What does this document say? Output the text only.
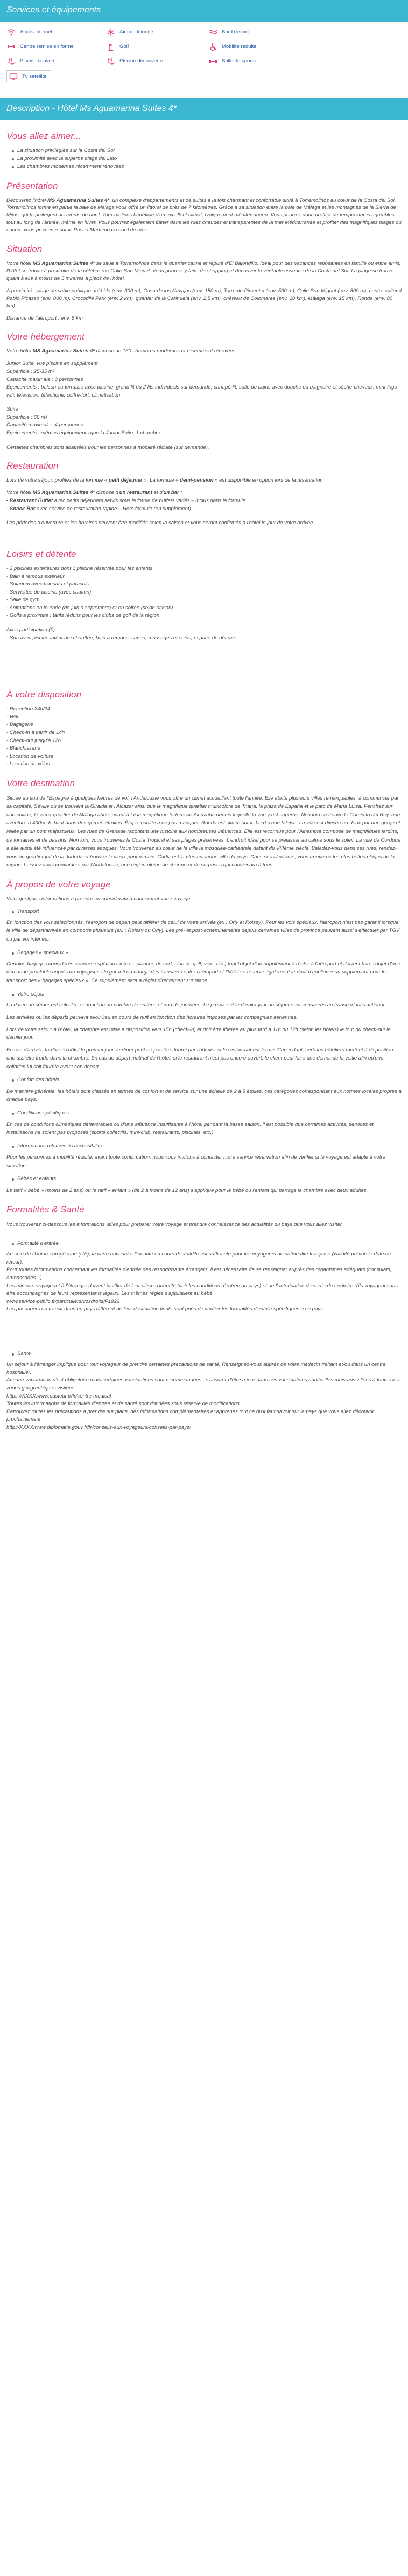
Services et équipements
Accès internet	Air conditionné	Bord de mer
Centre remise en forme	Golf	Mobilité réduite
Piscine couverte	Piscine découverte	Salle de sports
Tv satellite
Description - Hôtel Ms Aguamarina Suites 4*
Vous allez aimer...
La situation privilégiée sur la Costa del Sol
La proximité avec la superbe plage del Lido
Les chambres modernes récemment rénovées
Présentation

Découvrez l'hôtel MS Aguamarina Suites 4*, un complexe d'appartements et de suites à la fois charmant et confortable situé à Torremolinos au cœur de la Costa del Sol. Torremolinos forme en partie la baie de Málaga vous offre un littoral de près de 7 kilomètres. Grâce à sa situation entre la baie de Málaga et les montagnes de la Sierra de Mijas, qui la protègent des vents du nord, Torremolinos bénéficie d'un excellent climat, typiquement méditerranéen. Vous pourrez donc profiter de températures agréables tout au long de l'année, même en hiver. Vous pourrez également flâner dans les rues chaudes et transparentes de la mer Méditerranée et profiter des magnifiques plages ou encore vous promener sur le Paseo Marítimo en bord de mer.

Situation

Votre hôtel MS Aguamarina Suites 4* se situe à Torremolinos dans le quartier calme et réputé d'El Bajondillo. Idéal pour des vacances reposantes en famille ou entre amis, l'hôtel se trouve à proximité de la célèbre rue Calle San Miguel. Vous pourrez y faire du shopping et découvrir la véritable essence de la Costa del Sol. La plage se trouve quant à elle à moins de 5 minutes à pieds de l'hôtel.

A proximité : plage de sable publique del Lido (env. 300 m), Casa de los Navajas (env. 150 m), Torre de Pimentel (env. 500 m), Calle San Miguel (env. 800 m), centre culturel Pablo Picasso (env. 800 m), Crocodile Park (env. 2 km), quartier de la Carihuela (env. 2,5 km), château de Colomares (env. 10 km), Málaga (env. 15 km), Ronda (env. 80 km)

Distance de l'aéroport : env. 8 km

Votre hébergement

Votre hôtel MS Aguamarina Suites 4* dispose de 130 chambres modernes et récemment rénovées.

Junior Suite, vue piscine en supplément
Superficie : 25-35 m²
Capacité maximale : 3 personnes
Équipements : balcon ou terrasse avec piscine, grand lit ou 2 lits individuels sur demande, canapé-lit, salle de bains avec douche ou baignoire et sèche-cheveux, mini-frigo wifi, télévision, téléphone, coffre-fort, climatisation
Suite
Superficie : 65 m²
Capacité maximale : 4 personnes
Équipements : mêmes équipements que la Junior Suite, 1 chambre

Certaines chambres sont adaptées pour les personnes à mobilité réduite (sur demande).

Restauration

Lors de votre séjour, profitez de la formule « petit déjeuner ». La formule « demi-pension » est disponible en option lors de la réservation.

Votre hôtel MS Aguamarina Suites 4* dispose d'un restaurant et d'un bar :
- Restaurant Buffet avec petits déjeuners servis sous la forme de buffets variés – inclus dans la formule
- Snack-Bar avec service de restauration rapide – Hors formule (en supplément)

Les périodes d'ouverture et les horaires peuvent être modifiés selon la saison et vous seront confirmés à l'hôtel le jour de votre arrivée.

Loisirs et détente
- 2 piscines extérieures dont 1 piscine réservée pour les enfants
- Bain à remous extérieur
- Solarium avec transats et parasols
- Serviettes de piscine (avec caution)
- Salle de gym
- Animations en journée (de juin à septembre) et en soirée (selon saison)
- Golfs à proximité : tarifs réduits pour les clubs de golf de la région
Avec participation (€) :
- Spa avec piscine intérieure chauffée, bain à remous, sauna, massages et soins, espace de détente
À votre disposition
- Réception 24h/24
- Wifi
- Bagagerie
- Check-in à partir de 14h
- Check-out jusqu'à 12h
- Blanchisserie
- Location de voiture
- Location de vélos
Votre destination

Située au sud de l'Espagne à quelques heures de vol, l'Andalousie vous offre un climat accueillant toute l'année. Elle abrite plusieurs villes remarquables, à commencer par sa capitale, Séville où se trouvent la Giralda et l'Alcazar ainsi que le magnifique quartier multicolore de Triana, la plaza de España et le parc de María Luisa. Penchez sur une colline, le vieux quartier de Málaga abrite quant à lui la magnifique forteresse Alcazaba depuis laquelle la vue y est superbe. Non loin se trouve le Caminito del Rey, une aventure à 400m de haut dans des gorges étroites. Étape insolite à ne pas manquer, Ronda est située sur le bord d'une falaise. La ville est divisée en deux par une gorge et reliée par un pont majestueux. Les rues de Grenade racontent une histoire aux nombreuses influences. Elle est reconnue pour l'Alhambra composé de magnifiques jardins, de fontaines et de bassins. Non loin, vous trouverez la Costa Tropical et ses plages préservées. L'endroit idéal pour se prélasser au calme sous le soleil. La ville de Cordoue a elle aussi été influencée par diverses époques. Vous trouverez au cœur de la ville la mosquée-cathédrale datant du VIIIème siècle. Baladez-vous dans ses rues, rendez-vous au quartier juif de la Judería et trouvez le vieux pont romain. Cadiz est la plus ancienne ville du pays. Dans ses alentours, vous trouverez les plus belles plages de la région. Laissez-vous convaincre par l'Andalousie, une région pleine de charme et de surprises qui conviendra à tous.

À propos de votre voyage

Voici quelques informations à prendre en considération concernant votre voyage.

Transport

En fonction des vols sélectionnés, l'aéroport de départ peut différer de celui de votre arrivée (ex : Orly et Roissy). Pour les vols spéciaux, l'aéroport n'est pas garanti lorsque la ville de départ/arrivée en comporte plusieurs (ex. : Roissy ou Orly). Les pré- et post-acheminements depuis certaines villes de province peuvent aussi s'effectuer par TGV ou par vol intérieur.

Bagages « spéciaux »

Certains bagages considérés comme « spéciaux » (ex. : planche de surf, club de golf, vélo, etc.) font l'objet d'un supplément à régler à l'aéroport et doivent faire l'objet d'une demande préalable auprès du voyagiste. Un garanti en charge des transferts entre l'aéroport et l'hôtel se réserve également le droit d'appliquer un supplément pour le transport des « bagages spéciaux ». Ce supplément sera à régler directement sur place.

Votre séjour

La durée du séjour est calculée en fonction du nombre de nuitées et non de journées. Le premier et le dernier jour du séjour sont consacrés au transport international.

Les arrivées ou les départs peuvent avoir lieu en cours de nuit en fonction des horaires imposés par les compagnies aériennes.

Lors de votre séjour à l'hôtel, la chambre est mise à disposition vers 15h (check-in) et doit être libérée au plus tard à 11h ou 12h (selon les hôtels) le jour du check-out le dernier jour.

En cas d'arrivée tardive à l'hôtel le premier jour, le dîner peut ne pas être fourni par l'hôtelier si le restaurant est fermé. Cependant, certains hôteliers mettent à disposition une assiette froide dans la chambre. En cas de départ matinal de l'hôtel, si le restaurant n'est pas encore ouvert, le client peut faire une demande la veille afin qu'une collation lui soit fournie avant son départ.

Confort des hôtels

De manière générale, les hôtels sont classés en termes de confort et de service sur une échelle de 2 à 5 étoiles, ces catégories correspondant aux normes locales propres à chaque pays.

Conditions spécifiques

En cas de conditions climatiques défavorables ou d'une affluence insuffisante à l'hôtel pendant la basse saison, il est possible que certaines activités, services et installations ne soient pas proposés (sports collectifs, mini-club, restaurants, piscines, etc.).

Informations relatives à l'accessibilité

Pour les personnes à mobilité réduite, avant toute confirmation, nous vous invitons à contacter notre service réservation afin de vérifier si le voyage est adapté à votre situation.

Bébés et enfants

Le tarif « bébé » (moins de 2 ans) ou le tarif « enfant » (de 2 à moins de 12 ans) s'applique pour le bébé ou l'enfant qui partage la chambre avec deux adultes.

Formalités & Santé

Vous trouverez ci-dessous les informations utiles pour préparer votre voyage et prendre connaissance des actualités du pays que vous allez visiter.

Formalité d'entrée
Au sein de l'Union européenne (UE), la carte nationale d'identité en cours de validité est suffisante pour les voyageurs de nationalité française (validité prévue le date de retour).
Pour toutes informations concernant les formalités d'entrée des ressortissants étrangers, il est nécessaire de se renseigner auprès des organismes adéquats (consulats, ambassades...).
Les mineurs voyageant à l'étranger doivent justifier de leur pièce d'identité (voir les conditions d'entrée du pays) et de l'autorisation de sortie du territoire s'ils voyagent sans être accompagnés de leurs représentants légaux. Les mêmes règles s'appliquent au bébé.
www.service-public.fr/particuliers/vosdroits/F1922
Les passagers en transit dans un pays différent de leur destination finale sont priés de vérifier les formalités d'entrée spécifiques à ce pays.
Santé
Un séjour à l'étranger implique pour tout voyageur de prendre certaines précautions de santé. Renseignez-vous auprès de votre médecin traitant et/ou dans un centre hospitalier.
Aucune vaccination n'est obligatoire mais certaines vaccinations sont recommandées ; s'assurer d'être à jour dans ses vaccinations habituelles mais aussi liées à toutes les zones géographiques visitées.
https://XXXX.www.pasteur.fr/fr/centre-medical
Toutes les informations de formalités d'entrée et de santé sont données sous réserve de modifications.
Retrouvez toutes les précautions à prendre sur place, des informations complémentaires et apprenez tout ce qu'il faut savoir sur le pays que vous allez découvrir prochainement.
http://XXXX.www.diplomatie.gouv.fr/fr/conseils-aux-voyageurs/conseils-par-pays/
